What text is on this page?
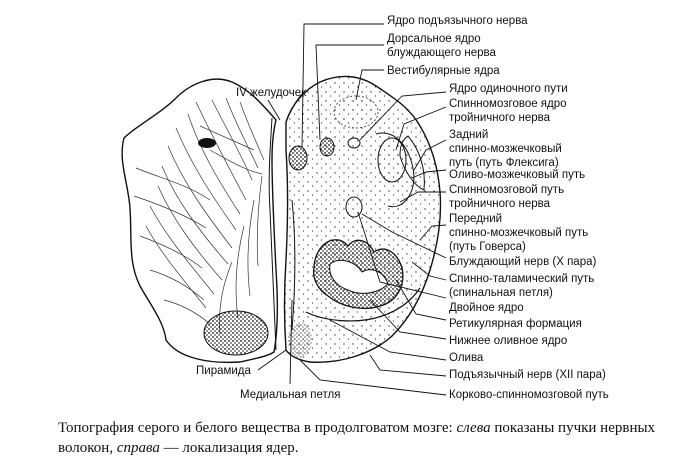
Ядро подъязычного нерва
Дорсальное ядро
блуждающего нерва
Вестибулярные ядра
Ядро одиночного пути
Спинномозговое ядро
тройничного нерва
Задний
спинно-мозжечковый
путь (путь Флексига)
Оливо-мозжечковый путь
Спинномозговой путь
тройничного нерва
Передний
спинно-мозжечковый путь
(путь Говерса)
Блуждающий нерв (X пара)
Спинно-таламический путь
(спинальная петля)
Двойное ядро
Ретикулярная формация
Нижнее оливное ядро
Олива
Подъязычный нерв (XII пара)
Корково-спинномозговой путь
IV желудочек
Пирамида
Медиальная петля
Топография серого и белого вещества в продолговатом мозге: слева показаны пучки нервных волокон, справа — локализация ядер.
